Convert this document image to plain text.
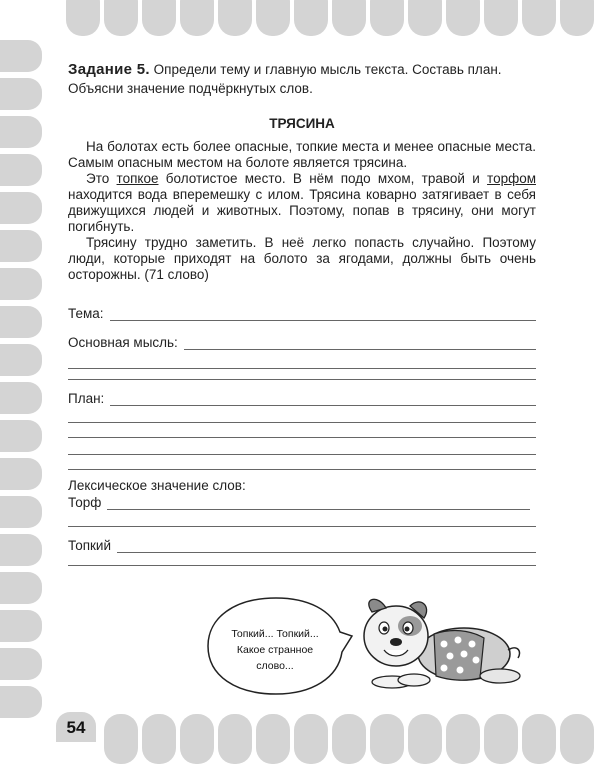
54

Задание 5. Определи тему и главную мысль текста. Составь план. Объясни значение подчёркнутых слов.

ТРЯСИНА

На болотах есть более опасные, топкие места и менее опасные места. Самым опасным местом на болоте является трясина.

Это топкое болотистое место. В нём подо мхом, травой и торфом находится вода вперемешку с илом. Трясина коварно затягивает в себя движущихся людей и животных. Поэтому, попав в трясину, они могут погибнуть.

Трясину трудно заметить. В неё легко попасть случайно. Поэтому люди, которые приходят на болото за ягодами, должны быть очень осторожны. (71 слово)

Тема:
Основная мысль:
План:
Лексическое значение слов:
Торф
Топкий
Топкий... Топкий...
Какое странное
слово...
